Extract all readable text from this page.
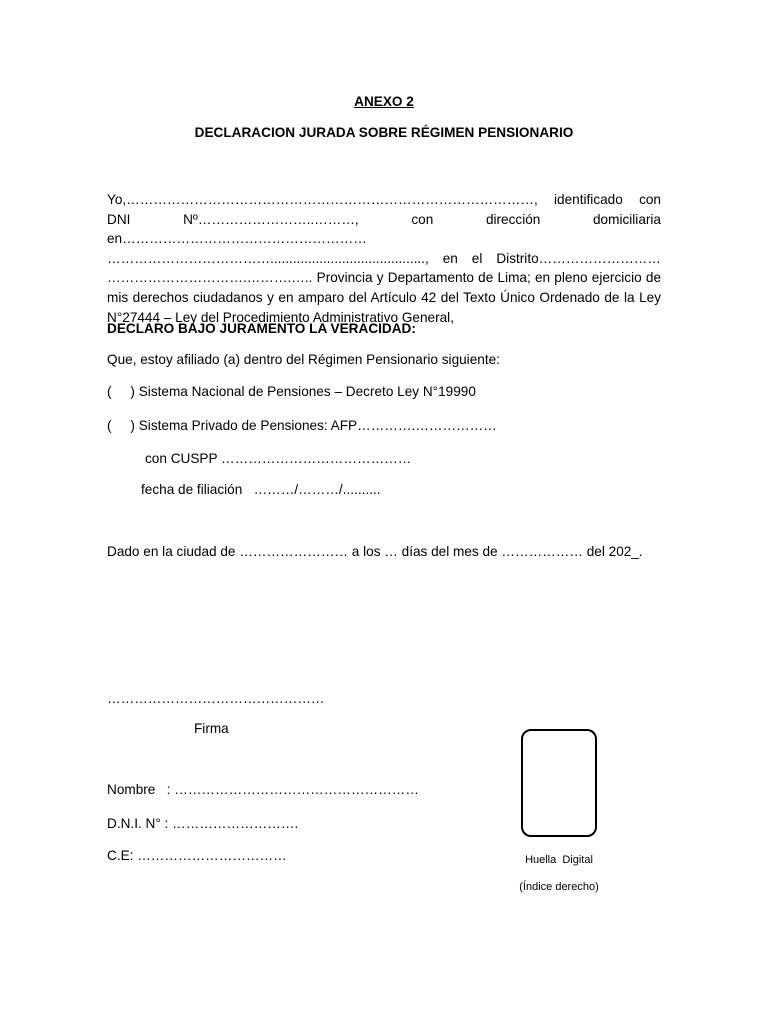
ANEXO 2
DECLARACION JURADA SOBRE RÉGIMEN PENSIONARIO
Yo,………………………………………………………………………………, identificado con DNI Nº……………………..………, con dirección domiciliaria en……………………………………………… ………………………………........................................., en el Distrito……………………… ………………………….……….….. Provincia y Departamento de Lima; en pleno ejercicio de mis derechos ciudadanos y en amparo del Artículo 42 del Texto Único Ordenado de la Ley N°27444 – Ley del Procedimiento Administrativo General,
DECLARO BAJO JURAMENTO LA VERACIDAD:
Que, estoy afiliado (a) dentro del Régimen Pensionario siguiente:
(     ) Sistema Nacional de Pensiones – Decreto Ley N°19990
(     ) Sistema Privado de Pensiones: AFP………….………………
con CUSPP ……………………………………
fecha de filiación   ………/………/..........
Dado en la ciudad de …………………… a los … días del mes de ……………… del 202_.
…………………………………………
Firma
Nombre   : ………………………………………………
D.N.I. N° : ……………………….
C.E: ……………………………	Huella  Digital
(Índice derecho)
